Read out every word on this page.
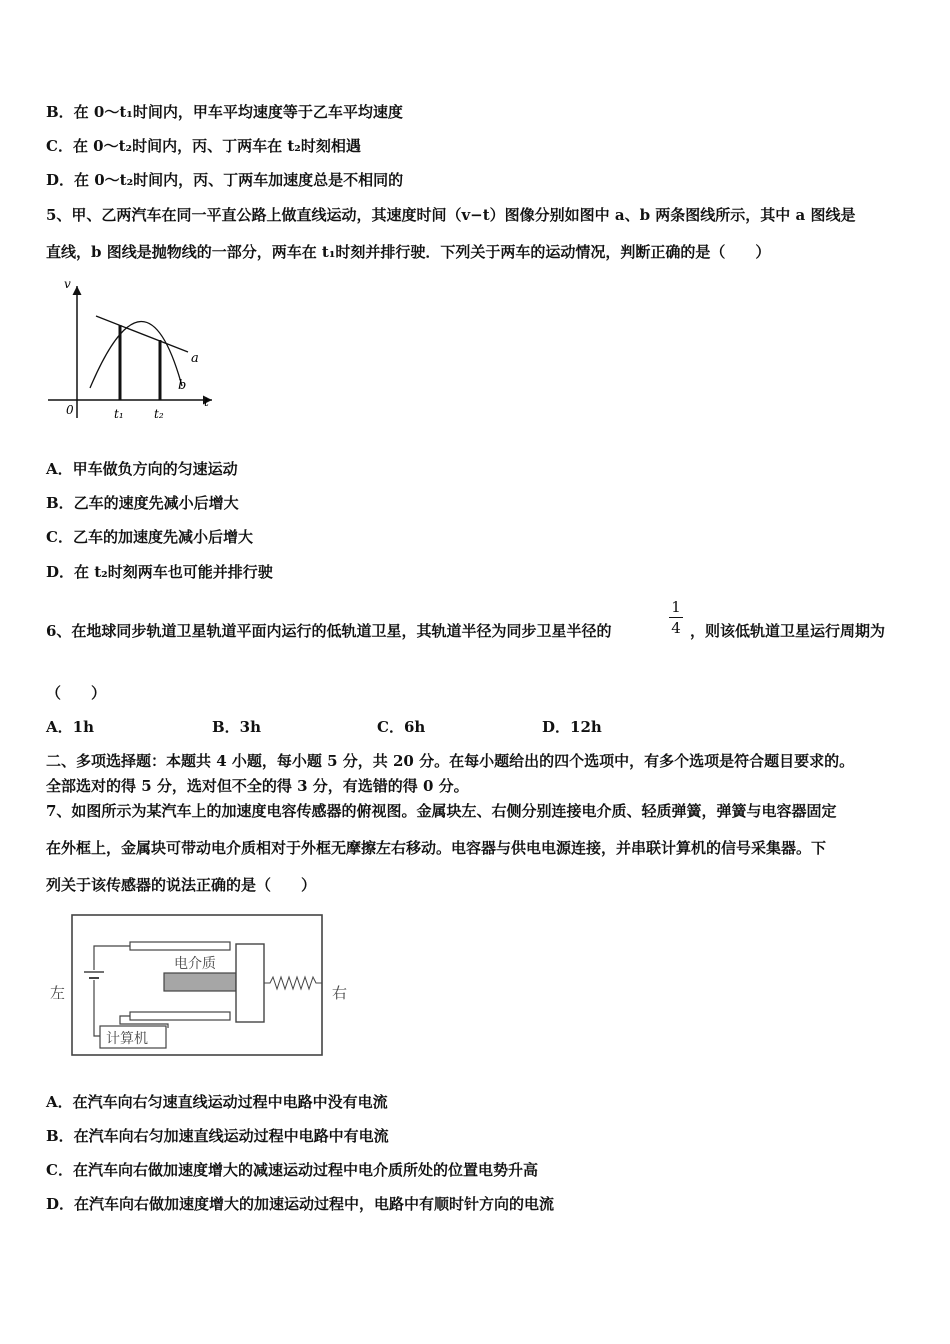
B．在 0～t₁时间内，甲车平均速度等于乙车平均速度
C．在 0～t₂时间内，丙、丁两车在 t₂时刻相遇
D．在 0～t₂时间内，丙、丁两车加速度总是不相同的
5、甲、乙两汽车在同一平直公路上做直线运动，其速度时间（v−t）图像分别如图中 a、b 两条图线所示，其中 a 图线是
直线，b 图线是抛物线的一部分，两车在 t₁时刻并排行驶．下列关于两车的运动情况，判断正确的是（　　）
v
t
0	t₁	t₂
a
b
A．甲车做负方向的匀速运动
B．乙车的速度先减小后增大
C．乙车的加速度先减小后增大
D．在 t₂时刻两车也可能并排行驶
6、在地球同步轨道卫星轨道平面内运行的低轨道卫星，其轨道半径为同步卫星半径的
1
4 ，则该低轨道卫星运行周期为
（　　）
A．1h	B．3h	C．6h	D．12h
二、多项选择题：本题共 4 小题，每小题 5 分，共 20 分。在每小题给出的四个选项中，有多个选项是符合题目要求的。
全部选对的得 5 分，选对但不全的得 3 分，有选错的得 0 分。
7、如图所示为某汽车上的加速度电容传感器的俯视图。金属块左、右侧分别连接电介质、轻质弹簧，弹簧与电容器固定
在外框上，金属块可带动电介质相对于外框无摩擦左右移动。电容器与供电电源连接，并串联计算机的信号采集器。下
列关于该传感器的说法正确的是（　　）
电介质
计算机
左	右
A．在汽车向右匀速直线运动过程中电路中没有电流
B．在汽车向右匀加速直线运动过程中电路中有电流
C．在汽车向右做加速度增大的减速运动过程中电介质所处的位置电势升高
D．在汽车向右做加速度增大的加速运动过程中，电路中有顺时针方向的电流
